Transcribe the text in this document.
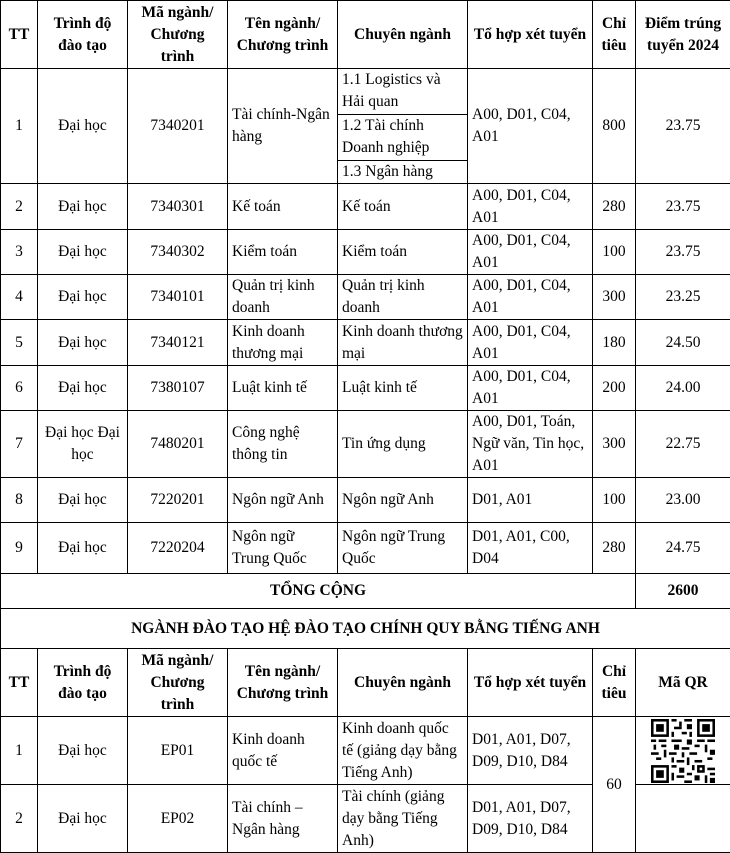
TT	Trình độ đào tạo	Mã ngành/ Chương trình	Tên ngành/ Chương trình	Chuyên ngành	Tổ hợp xét tuyển	Chỉ tiêu	Điểm trúng tuyển 2024
1	Đại học	7340201	Tài chính-Ngân hàng	1.1 Logistics và Hải quan
1.2 Tài chính Doanh nghiệp
1.3 Ngân hàng	A00, D01, C04, A01	800	23.75
2	Đại học	7340301	Kế toán	Kế toán	A00, D01, C04, A01	280	23.75
3	Đại học	7340302	Kiểm toán	Kiểm toán	A00, D01, C04, A01	100	23.75
4	Đại học	7340101	Quản trị kinh doanh	Quản trị kinh doanh	A00, D01, C04, A01	300	23.25
5	Đại học	7340121	Kinh doanh thương mại	Kinh doanh thương mại	A00, D01, C04, A01	180	24.50
6	Đại học	7380107	Luật kinh tế	Luật kinh tế	A00, D01, C04, A01	200	24.00
7	Đại học Đại học	7480201	Công nghệ thông tin	Tin ứng dụng	A00, D01, Toán, Ngữ văn, Tin học, A01	300	22.75
8	Đại học	7220201	Ngôn ngữ Anh	Ngôn ngữ Anh	D01, A01	100	23.00
9	Đại học	7220204	Ngôn ngữ Trung Quốc	Ngôn ngữ Trung Quốc	D01, A01, C00, D04	280	24.75
TỔNG CỘNG							2600
NGÀNH ĐÀO TẠO HỆ ĐÀO TẠO CHÍNH QUY BẰNG TIẾNG ANH							
TT	Trình độ đào tạo	Mã ngành/ Chương trình	Tên ngành/ Chương trình	Chuyên ngành	Tổ hợp xét tuyển	Chỉ tiêu	Mã QR
1	Đại học	EP01	Kinh doanh quốc tế	Kinh doanh quốc tế (giảng dạy bằng Tiếng Anh)	D01, A01, D07, D09, D10, D84	60	

2	Đại học	EP02	Tài chính – Ngân hàng	Tài chính (giảng dạy bằng Tiếng Anh)	D01, A01, D07, D09, D10, D84		
